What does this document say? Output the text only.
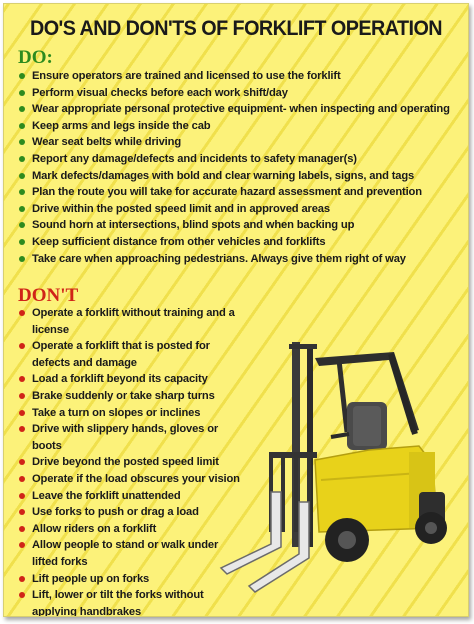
DO'S AND DON'TS OF FORKLIFT OPERATION
DO:
Ensure operators are trained and licensed to use the forklift
Perform visual checks before each work shift/day
Wear appropriate personal protective equipment- when inspecting and operating
Keep arms and legs inside the cab
Wear seat belts while driving
Report any damage/defects and incidents to safety manager(s)
Mark defects/damages with bold and clear warning labels, signs, and tags
Plan the route you will take for accurate hazard assessment and prevention
Drive within the posted speed limit and in approved areas
Sound horn at intersections, blind spots and when backing up
Keep sufficient distance from other vehicles and forklifts
Take care when approaching pedestrians. Always give them right of way
DON'T
Operate a forklift without training and a license
Operate a forklift that is posted for defects and damage
Load a forklift beyond its capacity
Brake suddenly or take sharp turns
Take a turn on slopes or inclines
Drive with slippery hands, gloves or boots
Drive beyond the posted speed limit
Operate if the load obscures your vision
Leave the forklift unattended
Use forks to push or drag a load
Allow riders on a forklift
Allow people to stand or walk under lifted forks
Lift people up on forks
Lift, lower or tilt the forks without applying handbrakes
